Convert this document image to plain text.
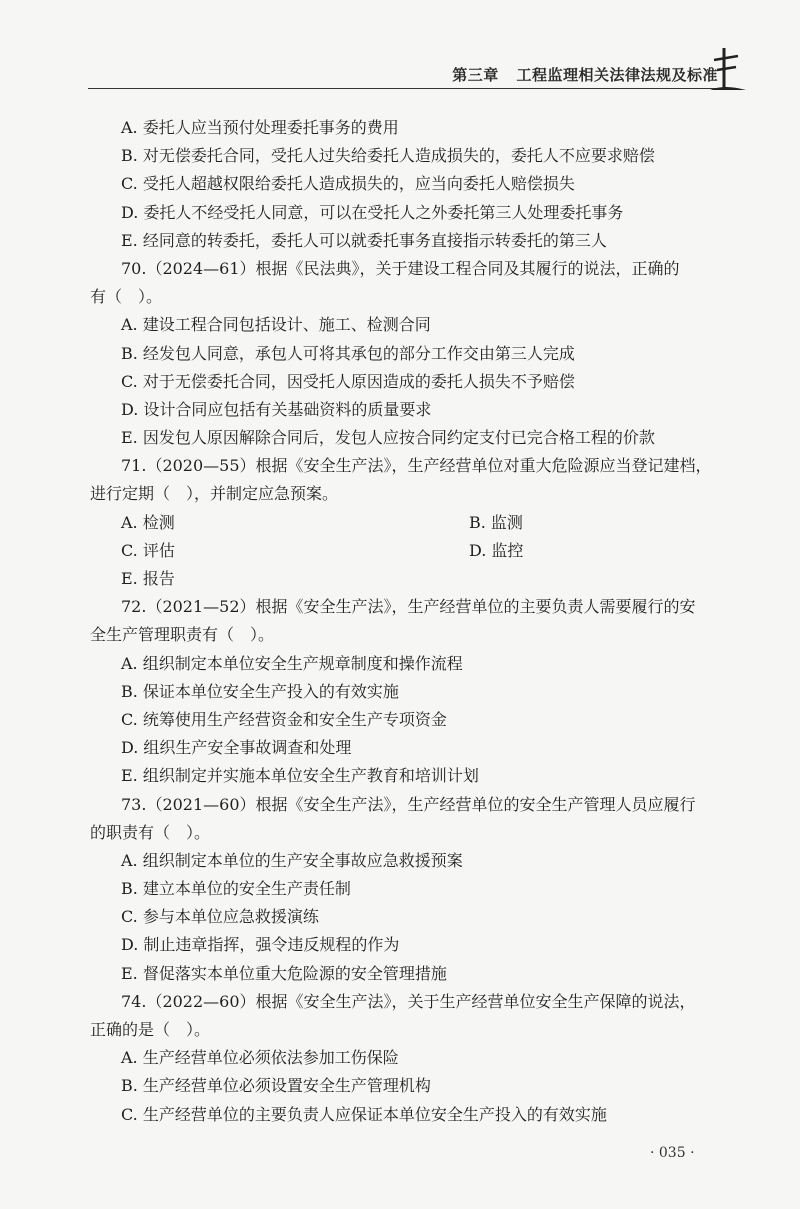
第三章 工程监理相关法律法规及标准
A. 委托人应当预付处理委托事务的费用
B. 对无偿委托合同，受托人过失给委托人造成损失的，委托人不应要求赔偿
C. 受托人超越权限给委托人造成损失的，应当向委托人赔偿损失
D. 委托人不经受托人同意，可以在受托人之外委托第三人处理委托事务
E. 经同意的转委托，委托人可以就委托事务直接指示转委托的第三人
70.（2024—61）根据《民法典》，关于建设工程合同及其履行的说法，正确的
有（　）。
A. 建设工程合同包括设计、施工、检测合同
B. 经发包人同意，承包人可将其承包的部分工作交由第三人完成
C. 对于无偿委托合同，因受托人原因造成的委托人损失不予赔偿
D. 设计合同应包括有关基础资料的质量要求
E. 因发包人原因解除合同后，发包人应按合同约定支付已完合格工程的价款
71.（2020—55）根据《安全生产法》，生产经营单位对重大危险源应当登记建档，
进行定期（　），并制定应急预案。
A. 检测	B. 监测
C. 评估	D. 监控
E. 报告
72.（2021—52）根据《安全生产法》，生产经营单位的主要负责人需要履行的安
全生产管理职责有（　）。
A. 组织制定本单位安全生产规章制度和操作流程
B. 保证本单位安全生产投入的有效实施
C. 统筹使用生产经营资金和安全生产专项资金
D. 组织生产安全事故调查和处理
E. 组织制定并实施本单位安全生产教育和培训计划
73.（2021—60）根据《安全生产法》，生产经营单位的安全生产管理人员应履行
的职责有（　）。
A. 组织制定本单位的生产安全事故应急救援预案
B. 建立本单位的安全生产责任制
C. 参与本单位应急救援演练
D. 制止违章指挥，强令违反规程的作为
E. 督促落实本单位重大危险源的安全管理措施
74.（2022—60）根据《安全生产法》，关于生产经营单位安全生产保障的说法，
正确的是（　）。
A. 生产经营单位必须依法参加工伤保险
B. 生产经营单位必须设置安全生产管理机构
C. 生产经营单位的主要负责人应保证本单位安全生产投入的有效实施
· 035 ·
